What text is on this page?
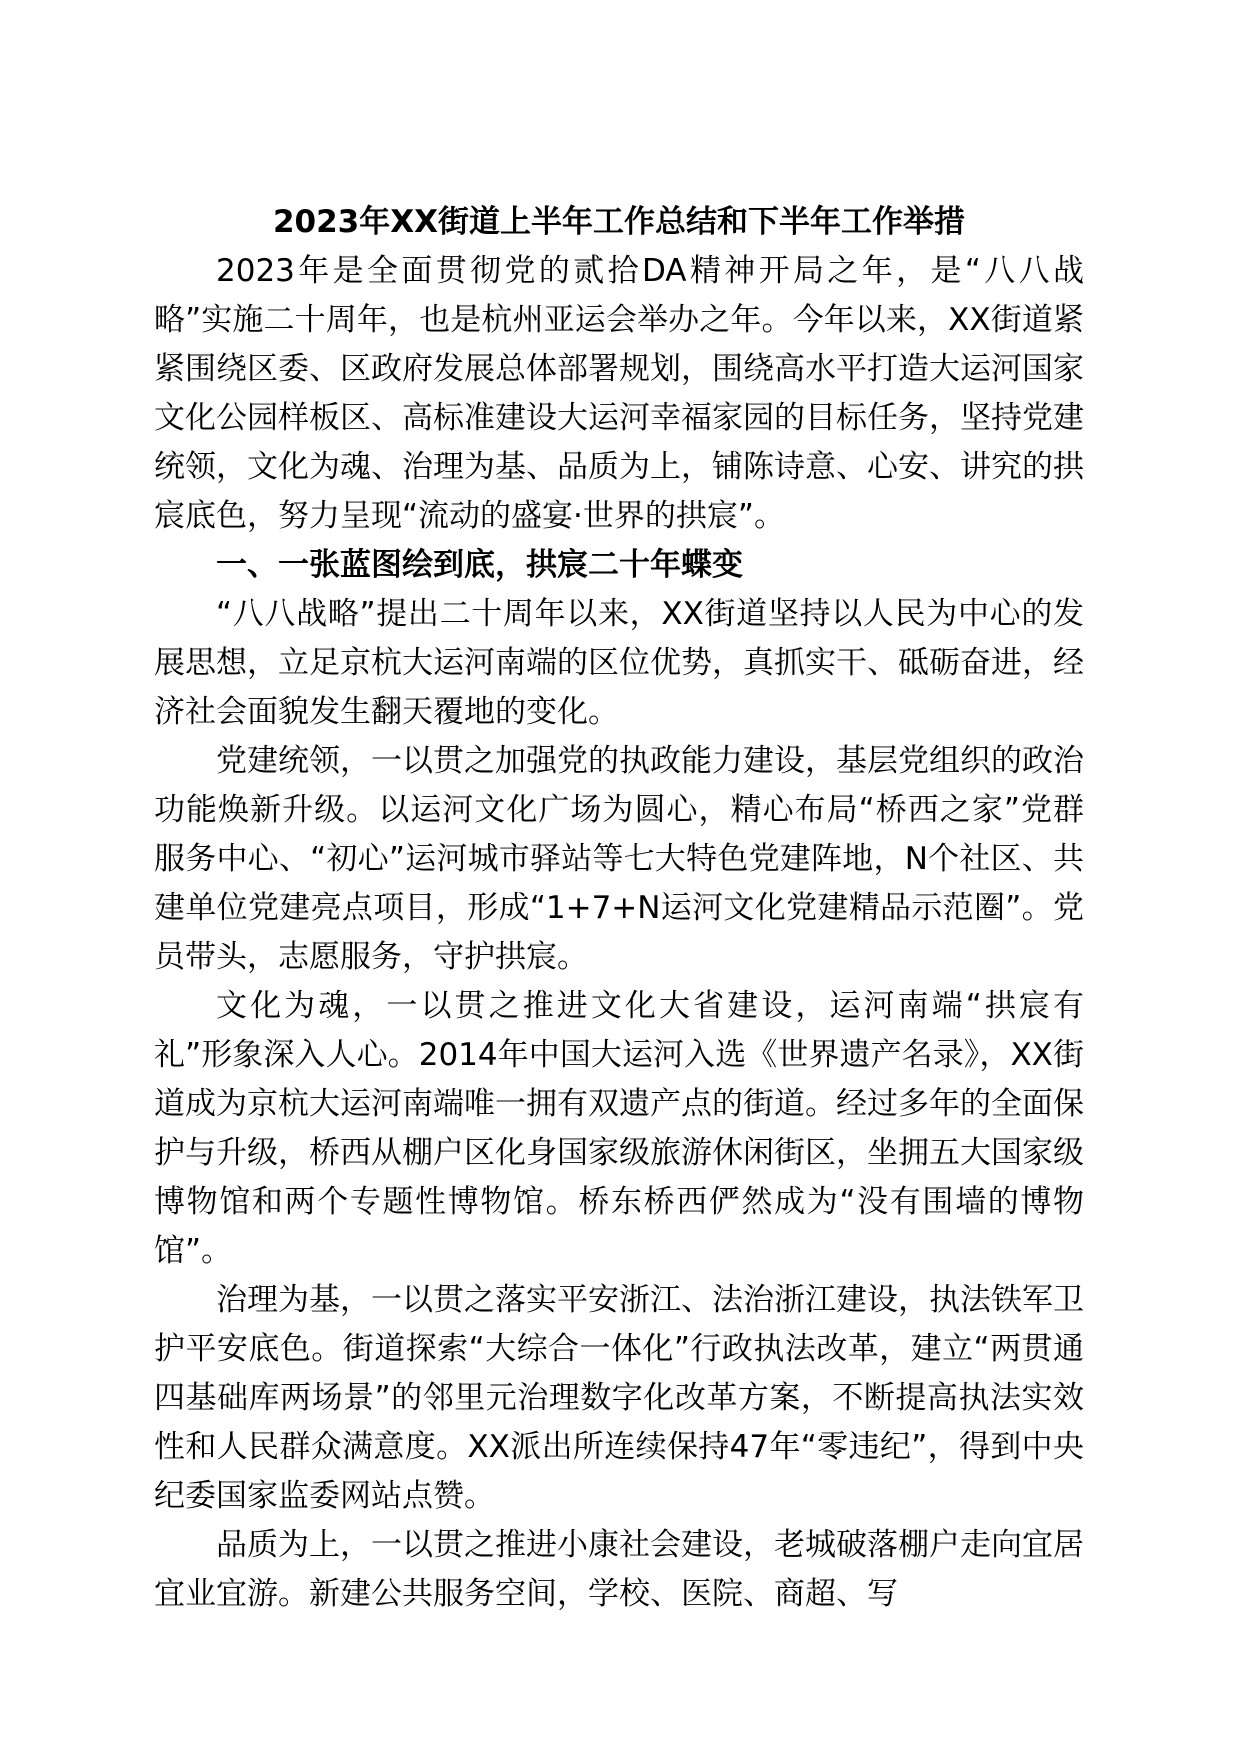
2023年XX街道上半年工作总结和下半年工作举措

2023年是全面贯彻党的贰拾DA精神开局之年，是“八八战略”实施二十周年，也是杭州亚运会举办之年。今年以来，XX街道紧紧围绕区委、区政府发展总体部署规划，围绕高水平打造大运河国家文化公园样板区、高标准建设大运河幸福家园的目标任务，坚持党建统领，文化为魂、治理为基、品质为上，铺陈诗意、心安、讲究的拱宸底色，努力呈现“流动的盛宴·世界的拱宸”。

一、一张蓝图绘到底，拱宸二十年蝶变

“八八战略”提出二十周年以来，XX街道坚持以人民为中心的发展思想，立足京杭大运河南端的区位优势，真抓实干、砥砺奋进，经济社会面貌发生翻天覆地的变化。

党建统领，一以贯之加强党的执政能力建设，基层党组织的政治功能焕新升级。以运河文化广场为圆心，精心布局“桥西之家”党群服务中心、“初心”运河城市驿站等七大特色党建阵地，N个社区、共建单位党建亮点项目，形成“1+7+N运河文化党建精品示范圈”。党员带头，志愿服务，守护拱宸。

文化为魂，一以贯之推进文化大省建设，运河南端“拱宸有礼”形象深入人心。2014年中国大运河入选《世界遗产名录》，XX街道成为京杭大运河南端唯一拥有双遗产点的街道。经过多年的全面保护与升级，桥西从棚户区化身国家级旅游休闲街区，坐拥五大国家级博物馆和两个专题性博物馆。桥东桥西俨然成为“没有围墙的博物馆”。

治理为基，一以贯之落实平安浙江、法治浙江建设，执法铁军卫护平安底色。街道探索“大综合一体化”行政执法改革，建立“两贯通四基础库两场景”的邻里元治理数字化改革方案，不断提高执法实效性和人民群众满意度。XX派出所连续保持47年“零违纪”，得到中央纪委国家监委网站点赞。

品质为上，一以贯之推进小康社会建设，老城破落棚户走向宜居宜业宜游。新建公共服务空间，学校、医院、商超、写
